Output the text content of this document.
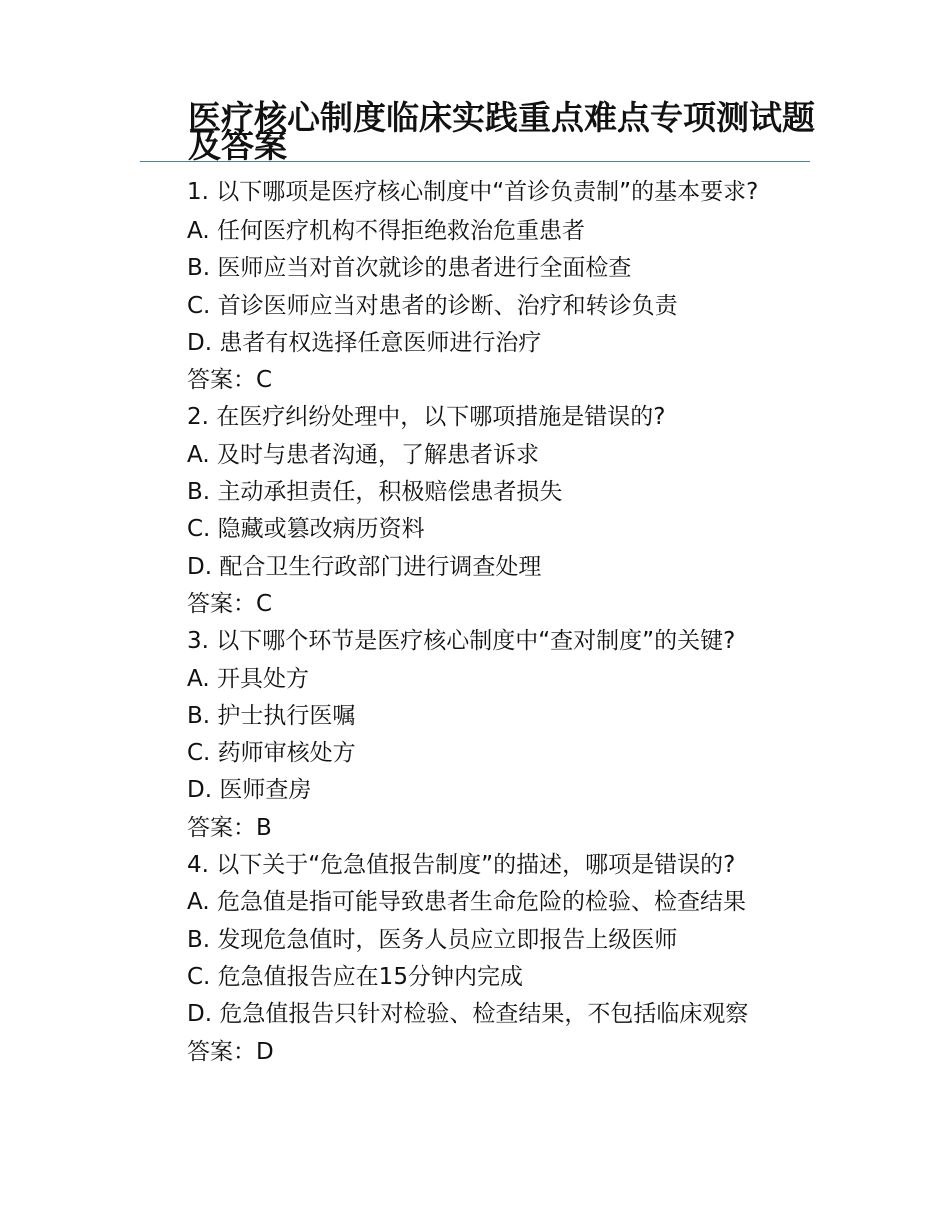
医疗核心制度临床实践重点难点专项测试题及答案
1. 以下哪项是医疗核心制度中“首诊负责制”的基本要求?
A. 任何医疗机构不得拒绝救治危重患者
B. 医师应当对首次就诊的患者进行全面检查
C. 首诊医师应当对患者的诊断、治疗和转诊负责
D. 患者有权选择任意医师进行治疗
答案：C
2. 在医疗纠纷处理中，以下哪项措施是错误的?
A. 及时与患者沟通，了解患者诉求
B. 主动承担责任，积极赔偿患者损失
C. 隐藏或篡改病历资料
D. 配合卫生行政部门进行调查处理
答案：C
3. 以下哪个环节是医疗核心制度中“查对制度”的关键?
A. 开具处方
B. 护士执行医嘱
C. 药师审核处方
D. 医师查房
答案：B
4. 以下关于“危急值报告制度”的描述，哪项是错误的?
A. 危急值是指可能导致患者生命危险的检验、检查结果
B. 发现危急值时，医务人员应立即报告上级医师
C. 危急值报告应在15分钟内完成
D. 危急值报告只针对检验、检查结果，不包括临床观察
答案：D
